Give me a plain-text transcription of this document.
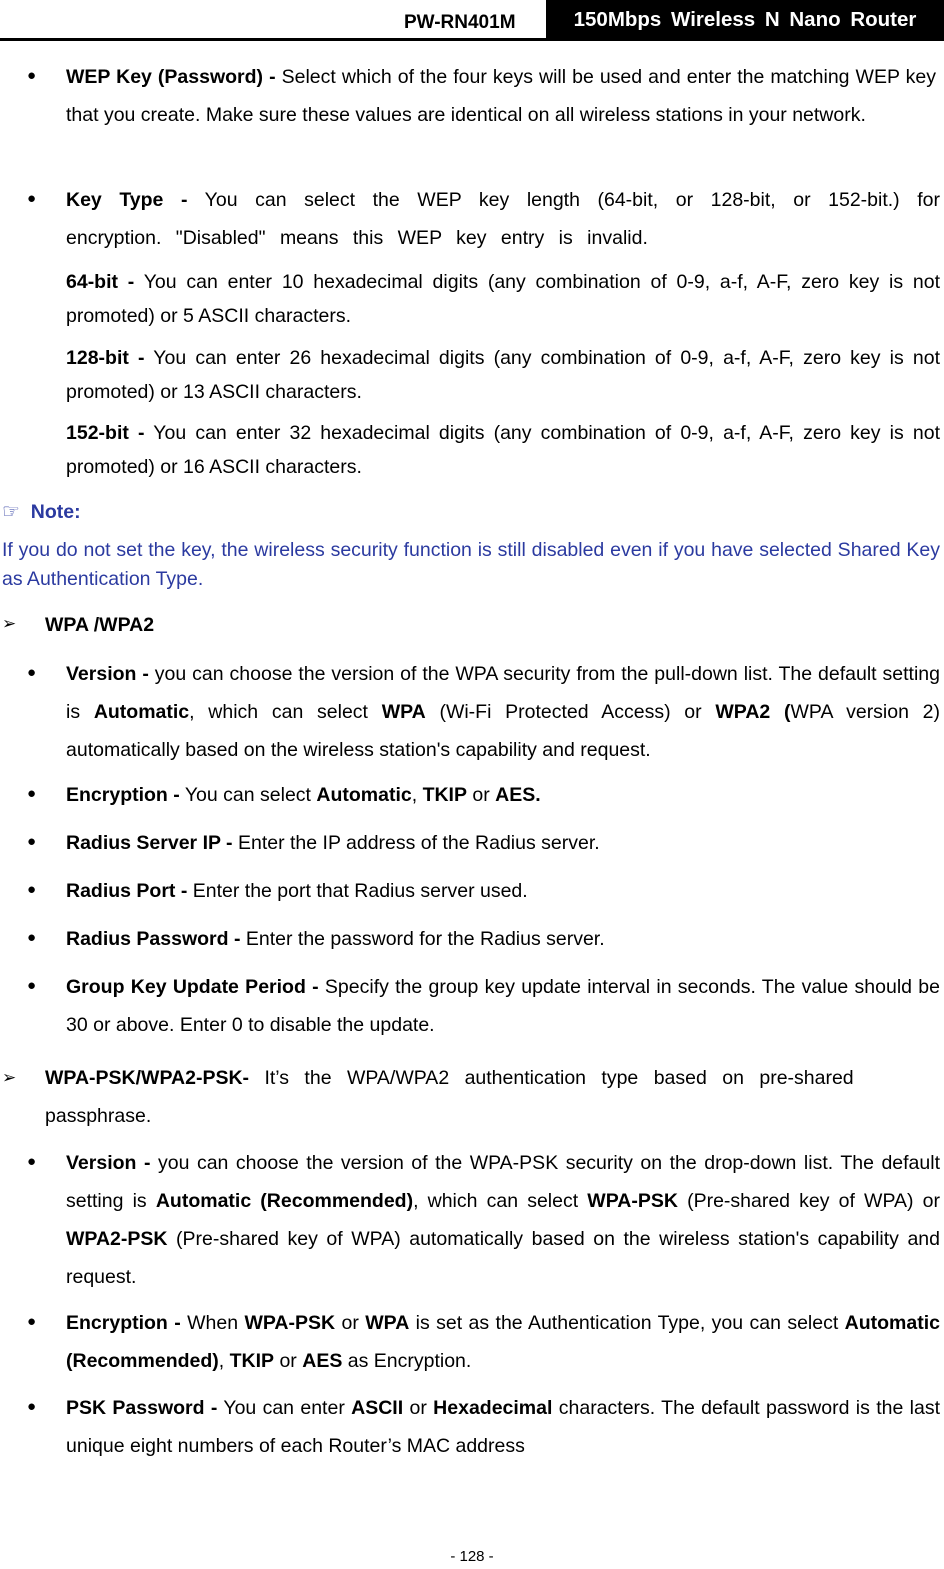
PW-RN401M	150Mbps Wireless N Nano Router
● WEP Key (Password) - Select which of the four keys will be used and enter the matching WEP key that you create. Make sure these values are identical on all wireless stations in your network.
● Key Type - You can select the WEP key length (64-bit, or 128-bit, or 152-bit.) for encryption. "Disabled" means this WEP key entry is invalid.
64-bit - You can enter 10 hexadecimal digits (any combination of 0-9, a-f, A-F, zero key is not promoted) or 5 ASCII characters.
128-bit - You can enter 26 hexadecimal digits (any combination of 0-9, a-f, A-F, zero key is not promoted) or 13 ASCII characters.
152-bit - You can enter 32 hexadecimal digits (any combination of 0-9, a-f, A-F, zero key is not promoted) or 16 ASCII characters.
☞ Note:
If you do not set the key, the wireless security function is still disabled even if you have selected Shared Key as Authentication Type.
➢ WPA /WPA2
● Version - you can choose the version of the WPA security from the pull-down list. The default setting is Automatic, which can select WPA (Wi-Fi Protected Access) or WPA2 (WPA version 2) automatically based on the wireless station's capability and request.
● Encryption - You can select Automatic, TKIP or AES.
● Radius Server IP - Enter the IP address of the Radius server.
● Radius Port - Enter the port that Radius server used.
● Radius Password - Enter the password for the Radius server.
● Group Key Update Period - Specify the group key update interval in seconds. The value should be 30 or above. Enter 0 to disable the update.
➢ WPA-PSK/WPA2-PSK- It’s the WPA/WPA2 authentication type based on pre-shared passphrase.
● Version - you can choose the version of the WPA-PSK security on the drop-down list. The default setting is Automatic (Recommended), which can select WPA-PSK (Pre-shared key of WPA) or WPA2-PSK (Pre-shared key of WPA) automatically based on the wireless station's capability and request.
● Encryption - When WPA-PSK or WPA is set as the Authentication Type, you can select Automatic (Recommended), TKIP or AES as Encryption.
● PSK Password - You can enter ASCII or Hexadecimal characters. The default password is the last unique eight numbers of each Router’s MAC address
- 128 -
